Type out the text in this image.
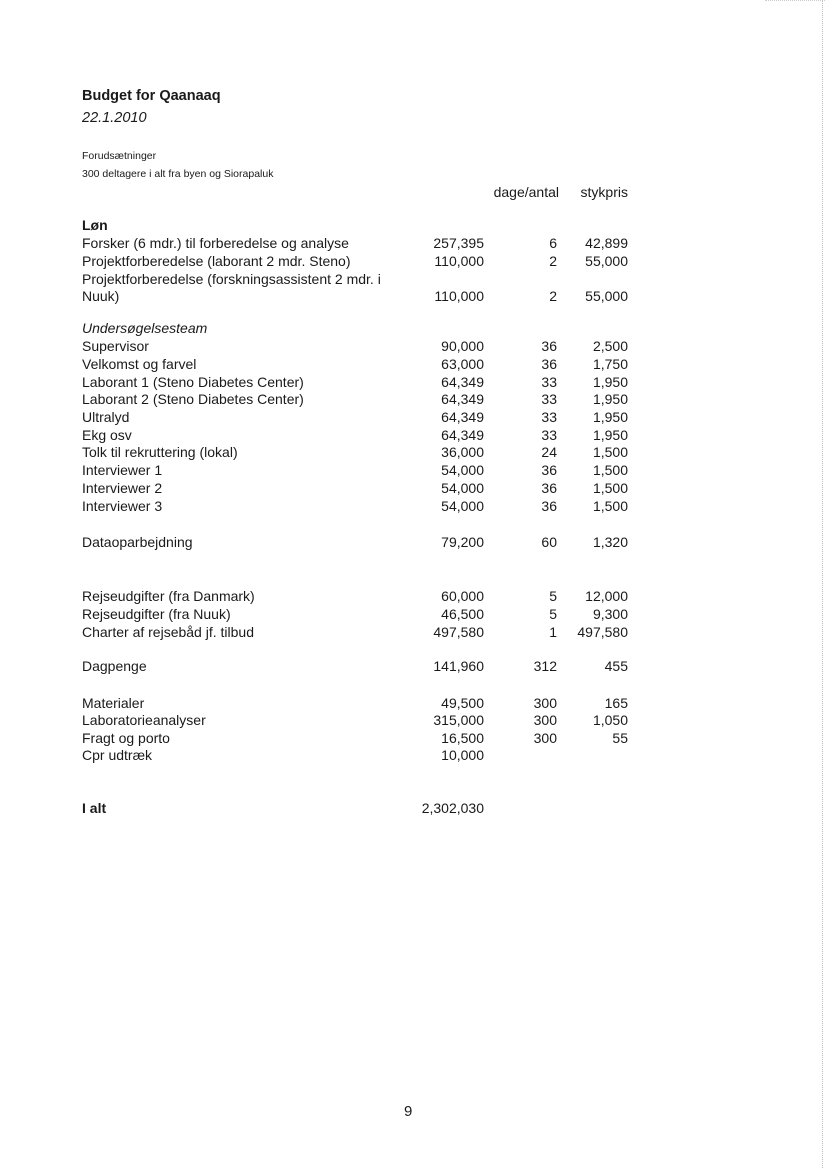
Budget for Qaanaaq
22.1.2010
Forudsætninger
300 deltagere i alt fra byen og Siorapaluk
dage/antal stykpris
Løn
Forsker (6 mdr.) til forberedelse og analyse	257,395	6 42,899
Projektforberedelse (laborant 2 mdr. Steno)	110,000	2 55,000
Projektforberedelse (forskningsassistent 2 mdr. i
Nuuk)	110,000	2 55,000
Undersøgelsesteam
Supervisor	90,000	36	2,500
Velkomst og farvel	63,000	36	1,750
Laborant 1 (Steno Diabetes Center)	64,349	33	1,950
Laborant 2 (Steno Diabetes Center)	64,349	33	1,950
Ultralyd	64,349	33	1,950
Ekg osv	64,349	33	1,950
Tolk til rekruttering (lokal)	36,000	24	1,500
Interviewer 1	54,000	36	1,500
Interviewer 2	54,000	36	1,500
Interviewer 3	54,000	36	1,500
Dataoparbejdning	79,200	60	1,320
Rejseudgifter (fra Danmark)	60,000	5 12,000
Rejseudgifter (fra Nuuk)	46,500	5	9,300
Charter af rejsebåd jf. tilbud	497,580	1 497,580
Dagpenge	141,960	312	455
Materialer	49,500	300	165
Laboratorieanalyser	315,000	300	1,050
Fragt og porto	16,500	300	55
Cpr udtræk	10,000
I alt	2,302,030
9
